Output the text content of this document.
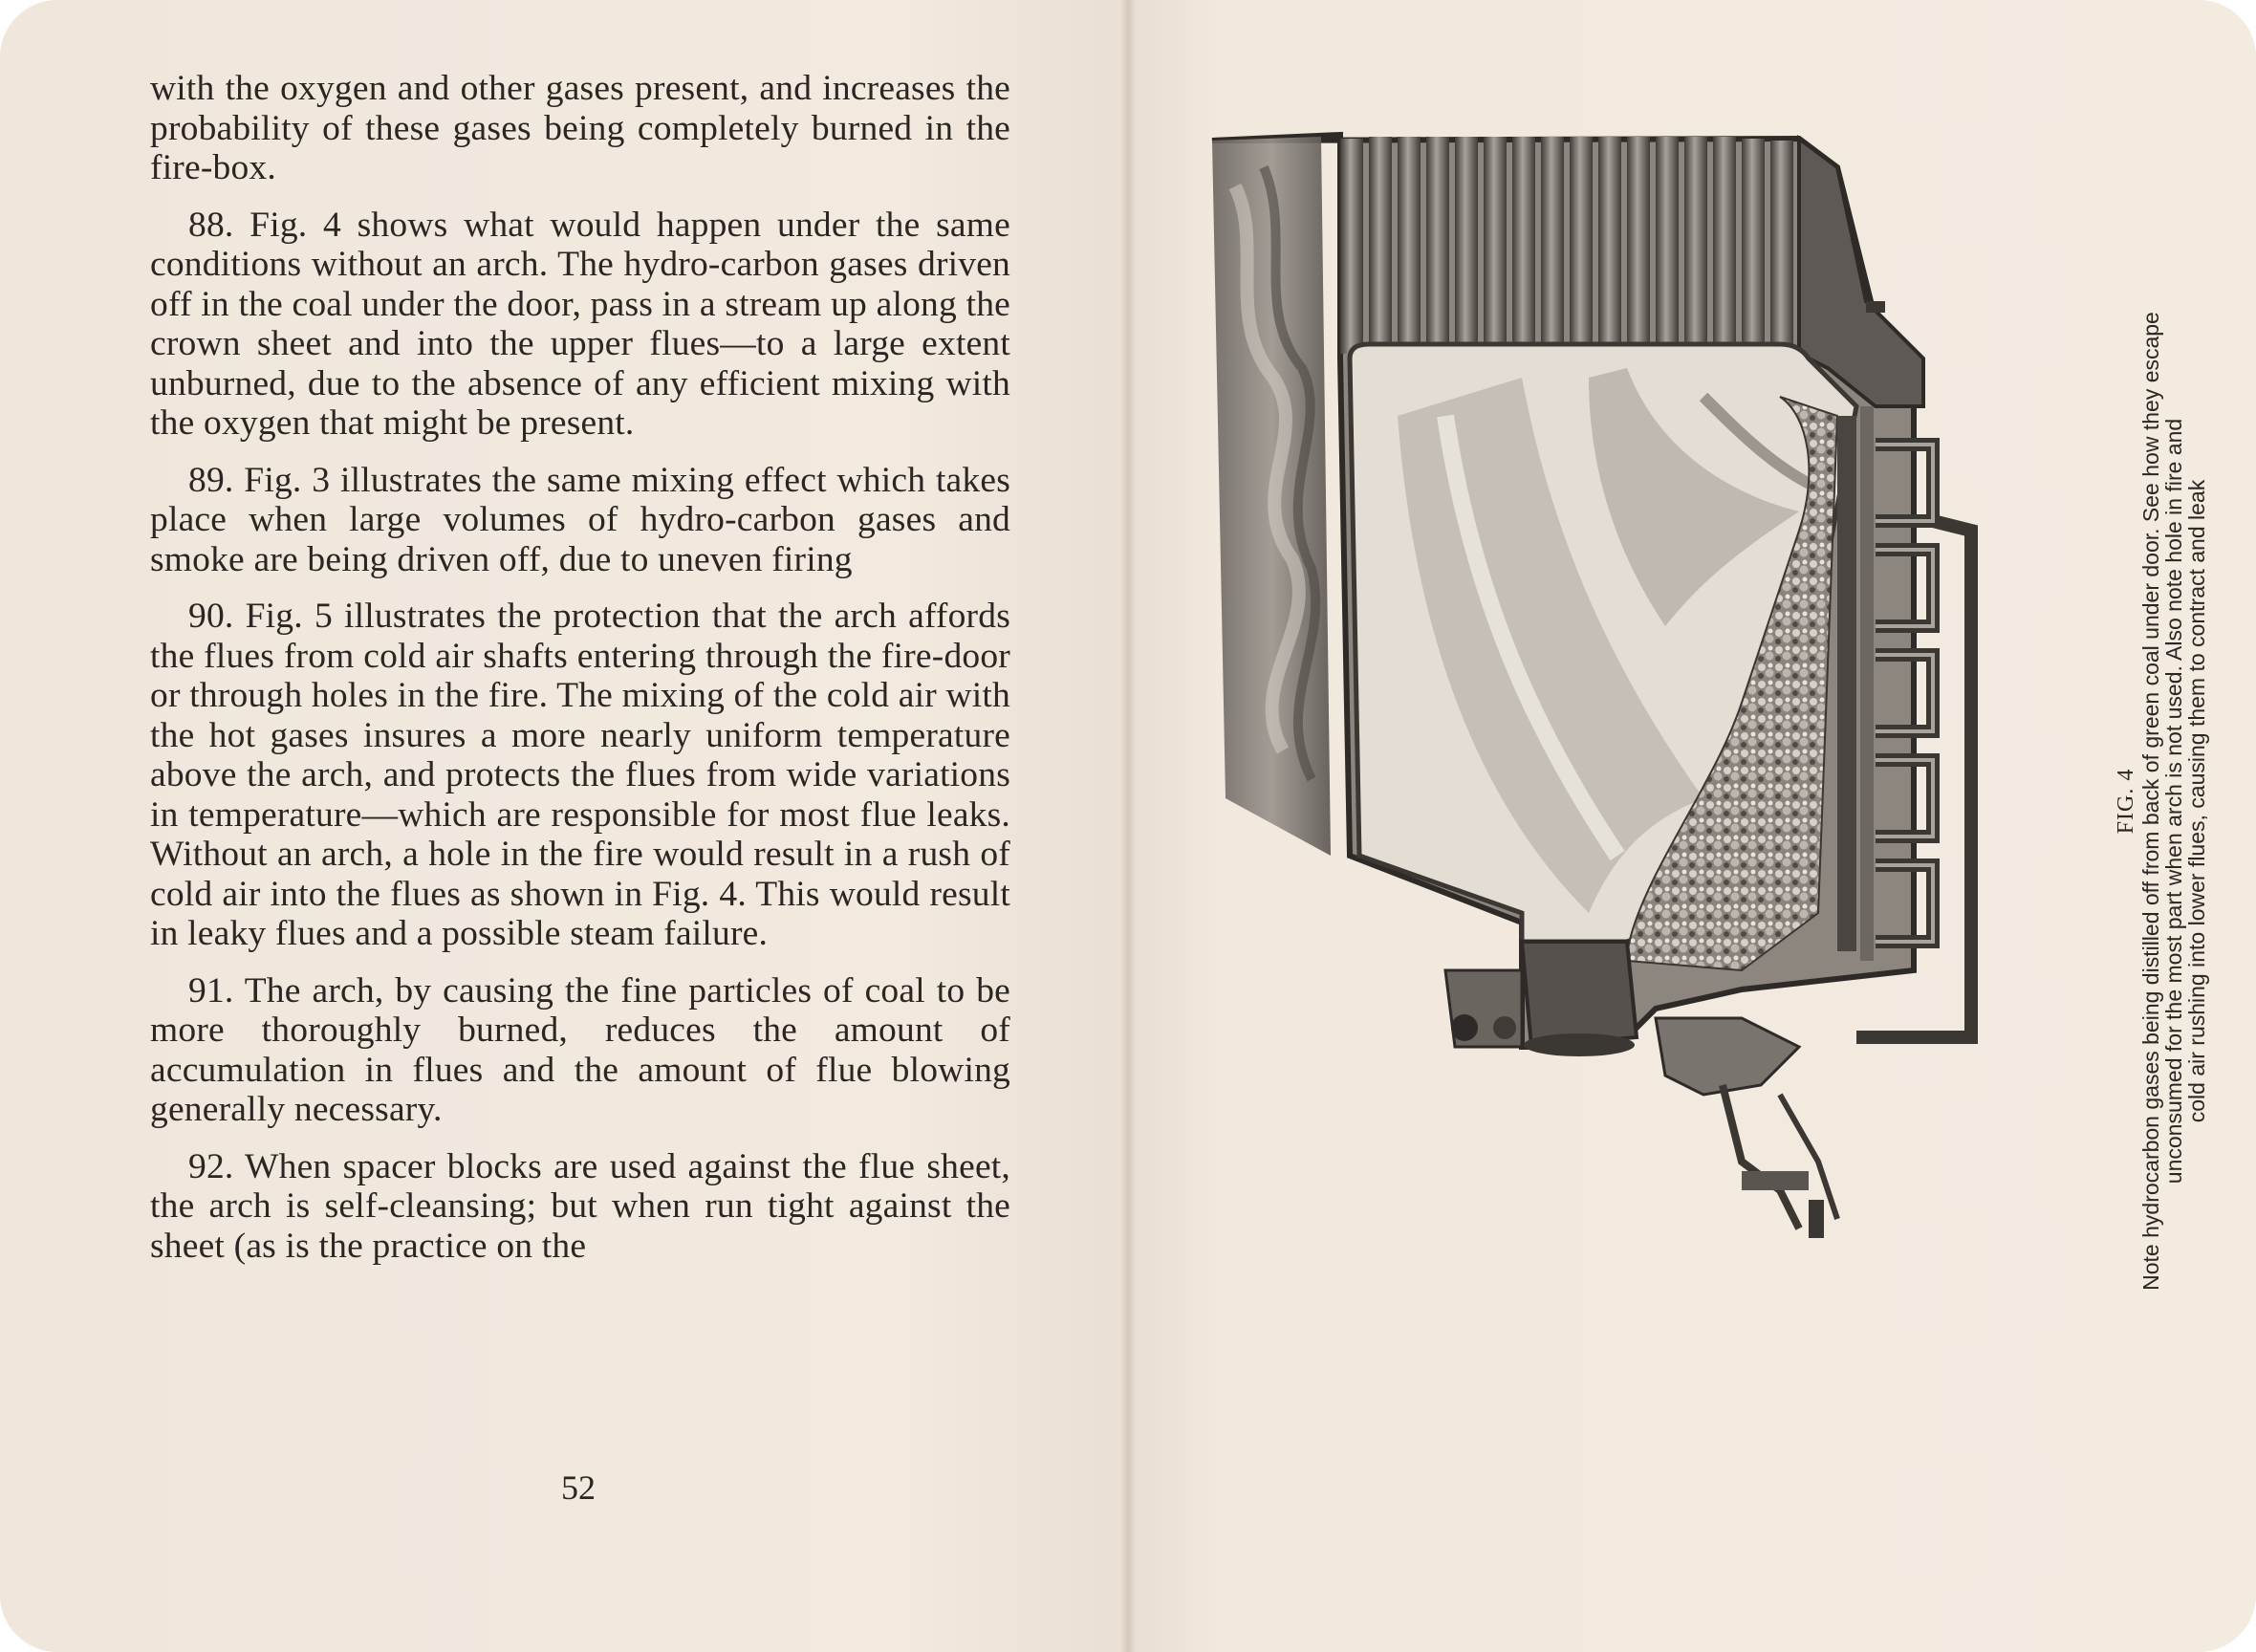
with the oxygen and other gases present, and increases the probability of these gases being completely burned in the fire-box.

88. Fig. 4 shows what would happen under the same conditions without an arch. The hydro-carbon gases driven off in the coal under the door, pass in a stream up along the crown sheet and into the upper flues—to a large extent unburned, due to the absence of any efficient mixing with the oxygen that might be present.

89. Fig. 3 illustrates the same mixing effect which takes place when large volumes of hydro-carbon gases and smoke are being driven off, due to uneven firing

90. Fig. 5 illustrates the protection that the arch affords the flues from cold air shafts entering through the fire-door or through holes in the fire. The mixing of the cold air with the hot gases insures a more nearly uniform temperature above the arch, and protects the flues from wide variations in temperature—which are responsible for most flue leaks. Without an arch, a hole in the fire would result in a rush of cold air into the flues as shown in Fig. 4. This would result in leaky flues and a possible steam failure.

91. The arch, by causing the fine particles of coal to be more thoroughly burned, reduces the amount of accumulation in flues and the amount of flue blowing generally necessary.

92. When spacer blocks are used against the flue sheet, the arch is self-cleansing; but when run tight against the sheet (as is the practice on the

52
FIG. 4 Note hydrocarbon gases being distilled off from back of green coal under door. See how they escape
unconsumed for the most part when arch is not used. Also note hole in fire and
cold air rushing into lower flues, causing them to contract and leak
